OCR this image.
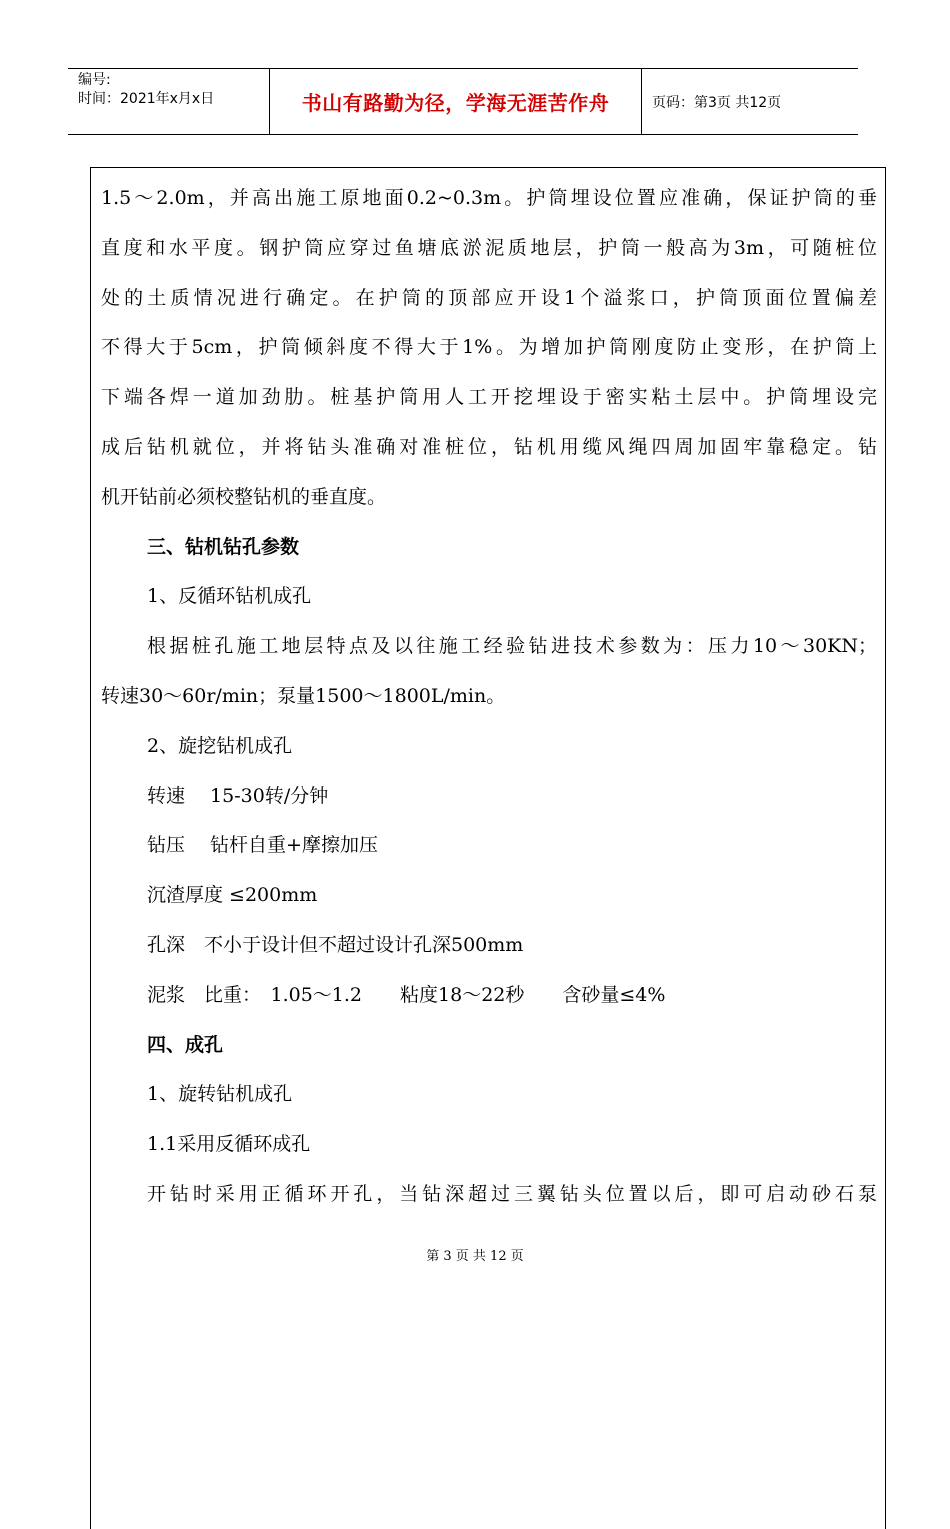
编号:
时间：2021年x月x日	书山有路勤为径，学海无涯苦作舟	页码：第3页 共12页
1.5～2.0m，并高出施工原地面0.2~0.3m。护筒埋设位置应准确，保证护筒的垂
直度和水平度。钢护筒应穿过鱼塘底淤泥质地层，护筒一般高为3m，可随桩位
处的土质情况进行确定。在护筒的顶部应开设1个溢浆口，护筒顶面位置偏差
不得大于5cm，护筒倾斜度不得大于1%。为增加护筒刚度防止变形，在护筒上
下端各焊一道加劲肋。桩基护筒用人工开挖埋设于密实粘土层中。护筒埋设完
成后钻机就位，并将钻头准确对准桩位，钻机用缆风绳四周加固牢靠稳定。钻
机开钻前必须校整钻机的垂直度。
三、钻机钻孔参数
1、反循环钻机成孔
根据桩孔施工地层特点及以往施工经验钻进技术参数为：压力10～30KN；
转速30～60r/min；泵量1500～1800L/min。
2、旋挖钻机成孔
转速　 15-30转/分钟
钻压　 钻杆自重+摩擦加压
沉渣厚度 ≤200mm
孔深　不小于设计但不超过设计孔深500mm
泥浆　比重：　1.05～1.2　　粘度18～22秒　　含砂量≤4%
四、成孔
1、旋转钻机成孔
1.1采用反循环成孔
开钻时采用正循环开孔，当钻深超过三翼钻头位置以后，即可启动砂石泵
第 3 页 共 12 页
